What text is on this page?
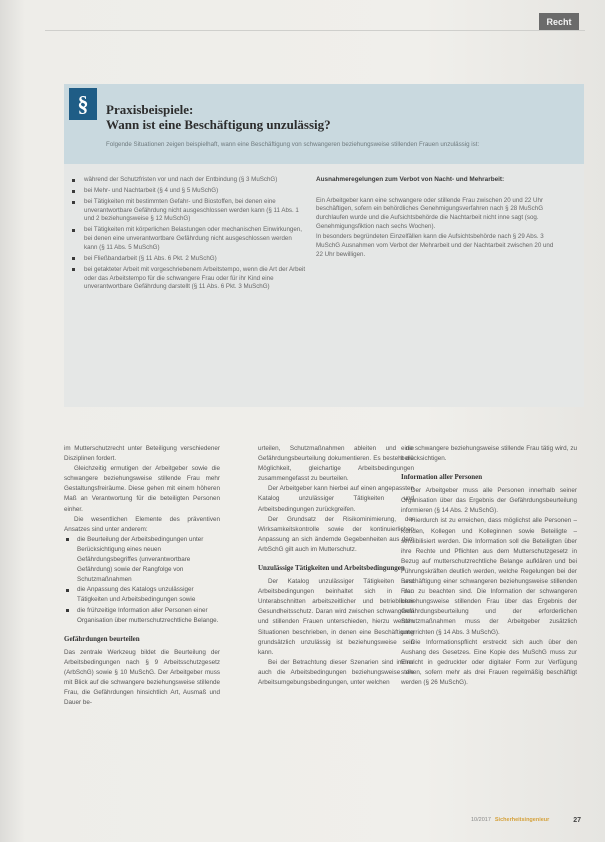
Recht
§	Praxisbeispiele:
Wann ist eine Beschäftigung unzulässig?
Folgende Situationen zeigen beispielhaft, wann eine Beschäftigung von schwangeren beziehungsweise stillenden Frauen unzulässig ist:
während der Schutzfristen vor und nach der Entbindung (§ 3 MuSchG)
bei Mehr- und Nachtarbeit (§ 4 und § 5 MuSchG)
bei Tätigkeiten mit bestimmten Gefahr- und Biostoffen, bei denen eine unverantwortbare Gefährdung nicht ausgeschlossen werden kann (§ 11 Abs. 1 und 2 beziehungsweise § 12 MuSchG)
bei Tätigkeiten mit körperlichen Belastungen oder mechanischen Einwirkungen, bei denen eine unverantwortbare Gefährdung nicht ausgeschlossen werden kann (§ 11 Abs. 5 MuSchG)
bei Fließbandarbeit (§ 11 Abs. 6 Pkt. 2 MuSchG)
bei getakteter Arbeit mit vorgeschriebenem Arbeitstempo, wenn die Art der Arbeit oder das Arbeitstempo für die schwangere Frau oder für ihr Kind eine unverantwortbare Gefährdung darstellt (§ 11 Abs. 6 Pkt. 3 MuSchG)
Ausnahmeregelungen zum Verbot von Nacht- und Mehrarbeit:

Ein Arbeitgeber kann eine schwangere oder stillende Frau zwischen 20 und 22 Uhr beschäftigen, sofern ein behördliches Genehmigungsverfahren nach § 28 MuSchG durchlaufen wurde und die Aufsichtsbehörde die Nachtarbeit nicht inne sagt (sog. Genehmigungsfiktion nach sechs Wochen).

In besonders begründeten Einzelfällen kann die Aufsichtsbehörde nach § 29 Abs. 3 MuSchG Ausnahmen vom Verbot der Mehrarbeit und der Nachtarbeit zwischen 20 und 22 Uhr bewilligen.

im Mutterschutzrecht unter Beteiligung verschiedener Disziplinen fordert.

Gleichzeitig ermutigen der Arbeitgeber sowie die schwangere beziehungsweise stillende Frau mehr Gestaltungsfreiräume. Diese gehen mit einem höheren Maß an Verantwortung für die beteiligten Personen einher.

Die wesentlichen Elemente des präventiven Ansatzes sind unter anderem:

die Beurteilung der Arbeitsbedingungen unter Berücksichtigung eines neuen Gefährdungsbegriffes (unverantwortbare Gefährdung) sowie der Rangfolge von Schutzmaßnahmen
die Anpassung des Katalogs unzulässiger Tätigkeiten und Arbeitsbedingungen sowie
die frühzeitige Information aller Personen einer Organisation über mutterschutzrechtliche Belange.
Gefährdungen beurteilen

Das zentrale Werkzeug bildet die Beurteilung der Arbeitsbedingungen nach § 9 Arbeitsschutzgesetz (ArbSchG) sowie § 10 MuSchG. Der Arbeitgeber muss mit Blick auf die schwangere beziehungsweise stillende Frau, die Gefährdungen hinsichtlich Art, Ausmaß und Dauer be-

urteilen, Schutzmaßnahmen ableiten und die Gefährdungsbeurteilung dokumentieren. Es besteht die Möglichkeit, gleichartige Arbeitsbedingungen zusammengefasst zu beurteilen.

Der Arbeitgeber kann hierbei auf einen angepassten Katalog unzulässiger Tätigkeiten und Arbeitsbedingungen zurückgreifen.

Der Grundsatz der Risikominimierung, der Wirksamkeitskontrolle sowie der kontinuierlichen Anpassung an sich ändernde Gegebenheiten aus dem ArbSchG gilt auch im Mutterschutz.

Unzulässige Tätigkeiten und Arbeitsbedingungen

Der Katalog unzulässiger Tätigkeiten und Arbeitsbedingungen beinhaltet sich in den Unterabschnitten arbeitszeitlicher und betrieblicher Gesundheitsschutz. Daran wird zwischen schwangeren und stillenden Frauen unterschieden, hierzu werden Situationen beschrieben, in denen eine Beschäftigung grundsätzlich unzulässig ist beziehungsweise sein kann.

Bei der Betrachtung dieser Szenarien sind immer auch die Arbeitsbedingungen beziehungsweise die Arbeitsumgebungsbedingungen, unter welchen

eine schwangere beziehungsweise stillende Frau tätig wird, zu berücksichtigen.

Information aller Personen

Der Arbeitgeber muss alle Personen innerhalb seiner Organisation über das Ergebnis der Gefährdungsbeurteilung informieren (§ 14 Abs. 2 MuSchG).

Hierdurch ist zu erreichen, dass möglichst alle Personen – Kunden, Kollegen und Kolleginnen sowie Beteiligte – sensibilisiert werden. Die Information soll die Beteiligten über ihre Rechte und Pflichten aus dem Mutterschutzgesetz in Bezug auf mutterschutzrechtliche Belange aufklären und bei Führungskräften deutlich werden, welche Regelungen bei der Beschäftigung einer schwangeren beziehungsweise stillenden Frau zu beachten sind. Die Information der schwangeren beziehungsweise stillenden Frau über das Ergebnis der Gefährdungsbeurteilung und der erforderlichen Schutzmaßnahmen muss der Arbeitgeber zusätzlich unterrichten (§ 14 Abs. 3 MuSchG).

Die Informationspflicht erstreckt sich auch über den Aushang des Gesetzes. Eine Kopie des MuSchG muss zur Einsicht in gedruckter oder digitaler Form zur Verfügung stehen, sofern mehr als drei Frauen regelmäßig beschäftigt werden (§ 26 MuSchG).

10/2017 Sicherheitsingenieur	27
